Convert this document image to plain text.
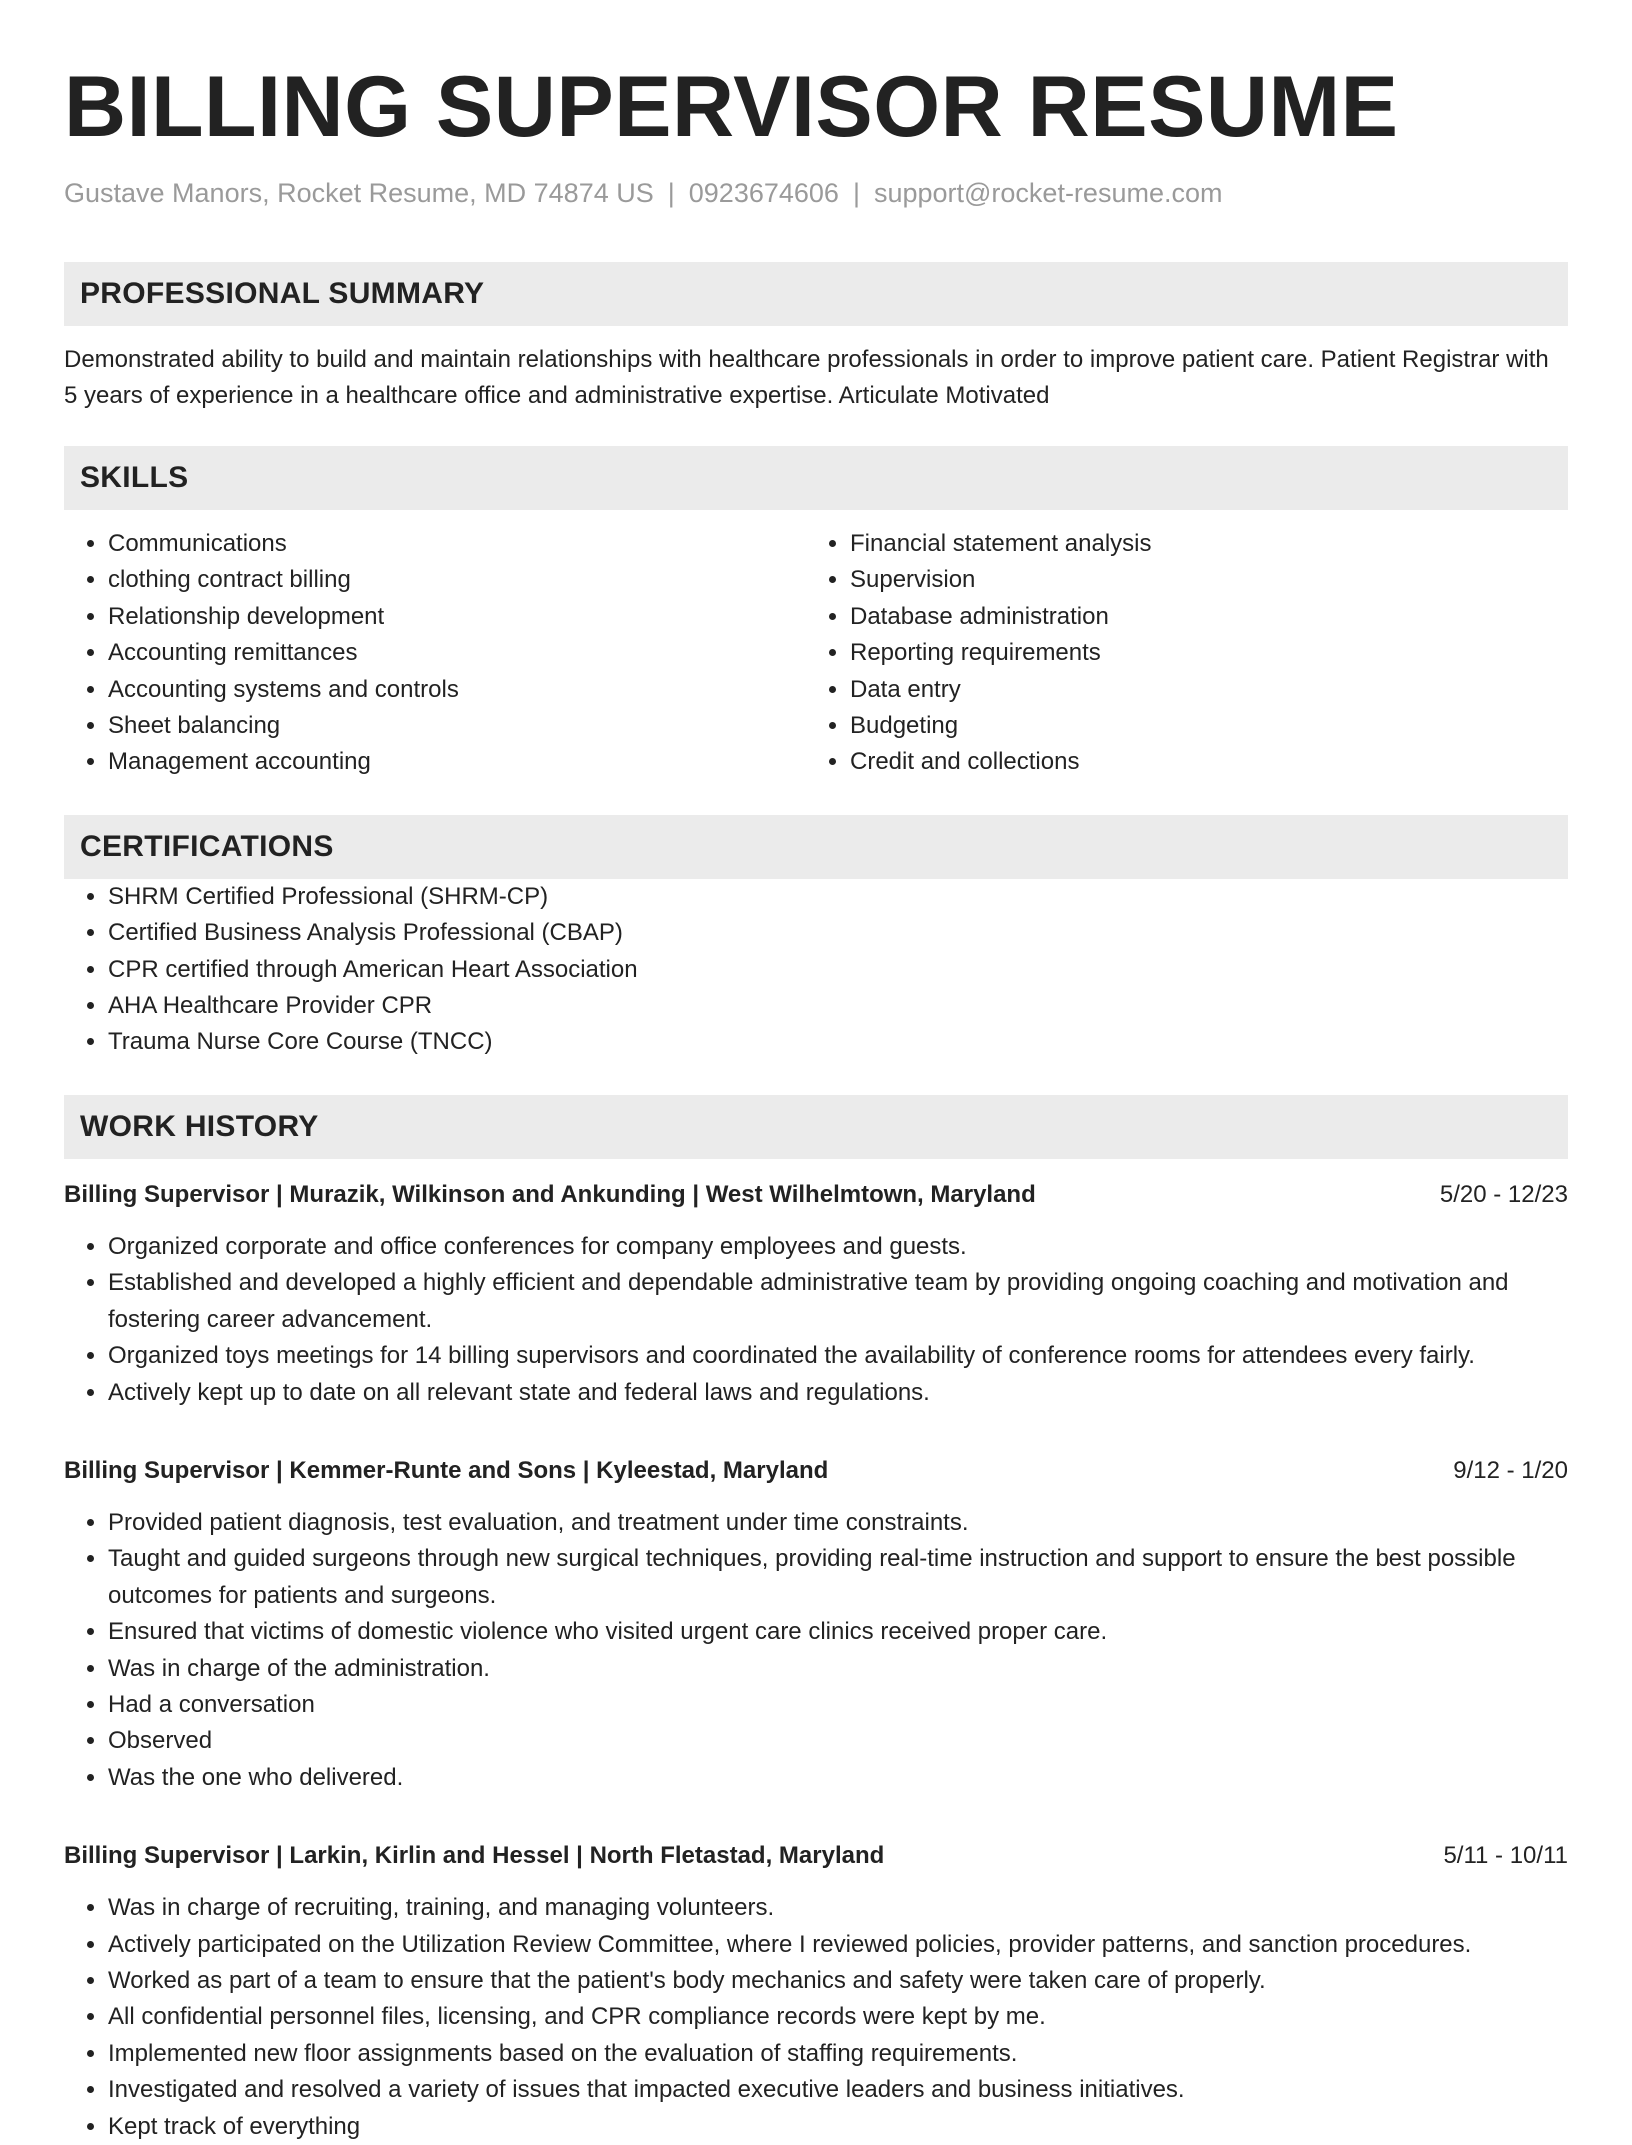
BILLING SUPERVISOR RESUME
Gustave Manors, Rocket Resume, MD 74874 US | 0923674606 | support@rocket-resume.com
PROFESSIONAL SUMMARY

Demonstrated ability to build and maintain relationships with healthcare professionals in order to improve patient care. Patient Registrar with 5 years of experience in a healthcare office and administrative expertise. Articulate Motivated

SKILLS
• Communications
• clothing contract billing
• Relationship development
• Accounting remittances
• Accounting systems and controls
• Sheet balancing
• Management accounting
• Financial statement analysis
• Supervision
• Database administration
• Reporting requirements
• Data entry
• Budgeting
• Credit and collections
CERTIFICATIONS
• SHRM Certified Professional (SHRM-CP)
• Certified Business Analysis Professional (CBAP)
• CPR certified through American Heart Association
• AHA Healthcare Provider CPR
• Trauma Nurse Core Course (TNCC)
WORK HISTORY
Billing Supervisor | Murazik, Wilkinson and Ankunding | West Wilhelmtown, Maryland	5/20 - 12/23
• Organized corporate and office conferences for company employees and guests.
• Established and developed a highly efficient and dependable administrative team by providing ongoing coaching and motivation and fostering career advancement.
• Organized toys meetings for 14 billing supervisors and coordinated the availability of conference rooms for attendees every fairly.
• Actively kept up to date on all relevant state and federal laws and regulations.
Billing Supervisor | Kemmer-Runte and Sons | Kyleestad, Maryland	9/12 - 1/20
• Provided patient diagnosis, test evaluation, and treatment under time constraints.
• Taught and guided surgeons through new surgical techniques, providing real-time instruction and support to ensure the best possible outcomes for patients and surgeons.
• Ensured that victims of domestic violence who visited urgent care clinics received proper care.
• Was in charge of the administration.
• Had a conversation
• Observed
• Was the one who delivered.
Billing Supervisor | Larkin, Kirlin and Hessel | North Fletastad, Maryland	5/11 - 10/11
• Was in charge of recruiting, training, and managing volunteers.
• Actively participated on the Utilization Review Committee, where I reviewed policies, provider patterns, and sanction procedures.
• Worked as part of a team to ensure that the patient's body mechanics and safety were taken care of properly.
• All confidential personnel files, licensing, and CPR compliance records were kept by me.
• Implemented new floor assignments based on the evaluation of staffing requirements.
• Investigated and resolved a variety of issues that impacted executive leaders and business initiatives.
• Kept track of everything
